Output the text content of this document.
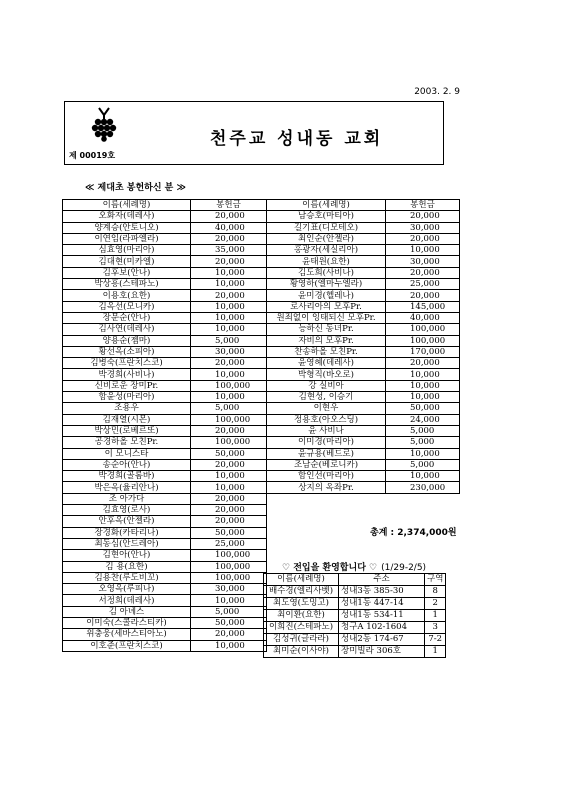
2003. 2. 9
천주교 성내동 교회
제 00019호
≪ 제대초 봉헌하신 분 ≫
이름(세례명)	봉헌금
오화자(데레사)	20,000
양계승(안토니오)	40,000
이연임(라파엘라)	20,000
심효영(마리아)	35,000
김대현(미카엘)	20,000
김후보(안나)	10,000
박상흥(스테파노)	10,000
이용호(요한)	20,000
김옥선(모니카)	10,000
장문순(안나)	10,000
김사연(데레사)	10,000
양용순(젬마)	5,000
황선옥(소피아)	30,000
김병숙(프란치스코)	20,000
박경희(사비나)	10,000
신비로운 장미Pr.	100,000
함윤성(마리아)	10,000
조용우	5,000
김재열(시몬)	100,000
박상민(로베르또)	20,000
공경하올 모친Pr.	100,000
이 모니스타	50,000
송순아(안나)	20,000
박경희(골롬바)	10,000
박은옥(율리안나)	10,000
조 아가다	20,000
김효영(로사)	20,000
안후옥(안젤라)	20,000
장경화(카타리나)	50,000
최동심(안드레아)	25,000
김현아(안나)	100,000
김 용(요한)	100,000
김용찬(루도비꼬)	100,000
오영옥(루피나)	30,000
서정희(데레사)	10,000
김 아녜스	5,000
이미숙(스콜라스티카)	50,000
위충웅(세바스티아노)	20,000
이호준(프란치스코)	10,000
이름(세례명)	봉헌금
남승호(마티아)	20,000
길기표(디모테오)	30,000
최인순(안젤라)	20,000
홍광자(세실리아)	10,000
윤태원(요한)	30,000
김도희(사비나)	20,000
황영하(엘마누엘라)	25,000
윤미경(헬레나)	20,000
로사리아의 모후Pr.	145,000
원죄없이 잉태되신 모후Pr.	40,000
능하신 동녀Pr.	100,000
자비의 모후Pr.	100,000
찬송하올 모친Pr.	170,000
윤영혜(데레사)	20,000
박형직(바오로)	10,000
강 실비아	10,000
김현성, 이승기	10,000
이현우	50,000
정용호(아오스딩)	24,000
윤 사비나	5,000
이미경(마리아)	5,000
윤규용(베드로)	10,000
조남순(베로니카)	5,000
함인선(마리아)	10,000
상지의 옥좌Pr.	230,000
총계 : 2,374,000원
♡ 전입을 환영합니다 ♡ (1/29-2/5)
이름(세례명)	주소	구역
배수경(엘리사벳)	성내3동 385-30	8
최도영(도밍고)	성내1동 447-14	2
최이환(요한)	성내1동 534-11	1
이희진(스테파노)	청구A 102-1604	3
김성귀(글라라)	성내2동 174-67	7-2
최미순(이사야)	장미빌라 306호	1
